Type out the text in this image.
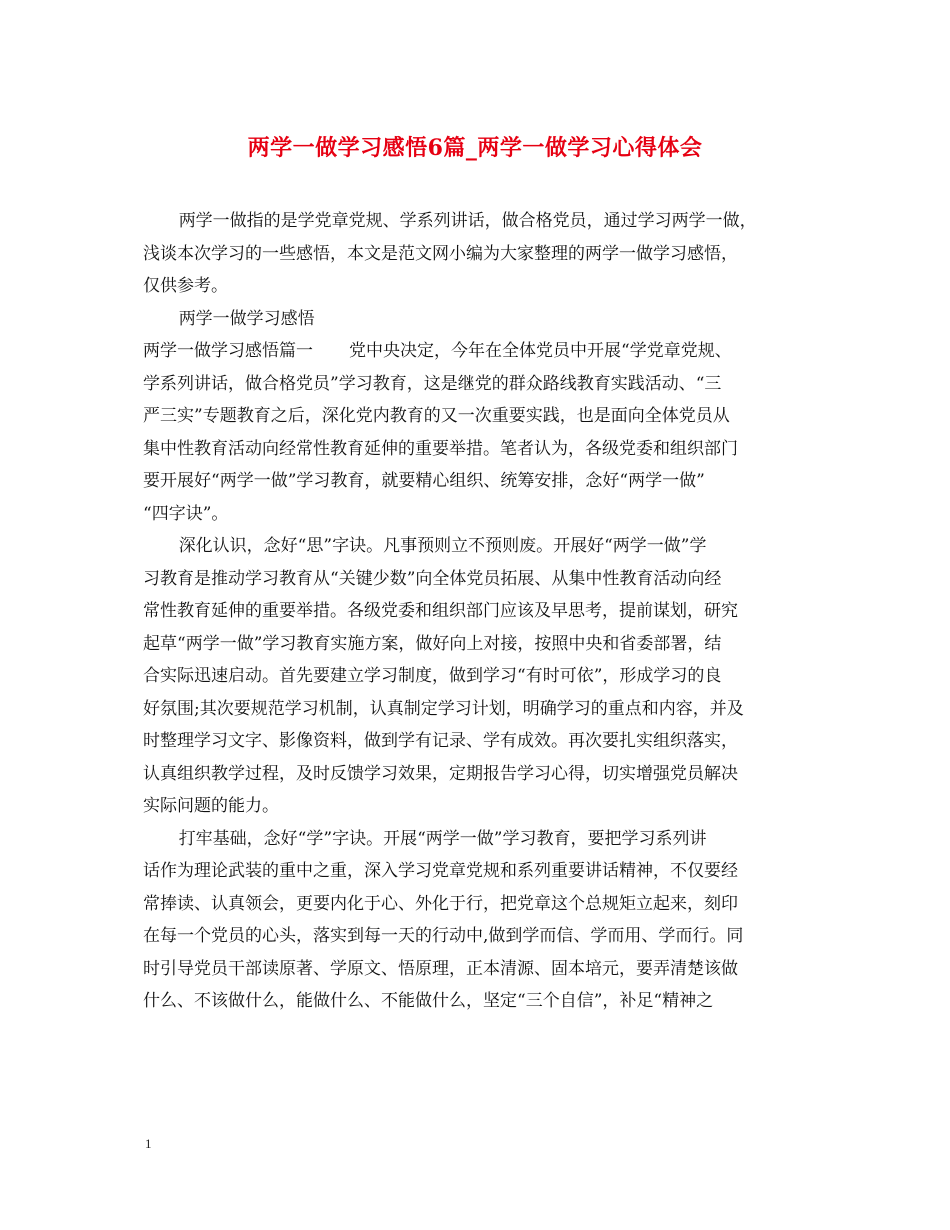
两学一做学习感悟6篇_两学一做学习心得体会

两学一做指的是学党章党规、学系列讲话，做合格党员，通过学习两学一做，
浅谈本次学习的一些感悟，本文是范文网小编为大家整理的两学一做学习感悟，
仅供参考。

两学一做学习感悟

两学一做学习感悟篇一 党中央决定，今年在全体党员中开展“学党章党规、
学系列讲话，做合格党员”学习教育，这是继党的群众路线教育实践活动、“三
严三实”专题教育之后，深化党内教育的又一次重要实践，也是面向全体党员从
集中性教育活动向经常性教育延伸的重要举措。笔者认为，各级党委和组织部门
要开展好“两学一做”学习教育，就要精心组织、统筹安排，念好“两学一做”
“四字诀”。

深化认识，念好“思”字诀。凡事预则立不预则废。开展好“两学一做”学
习教育是推动学习教育从“关键少数”向全体党员拓展、从集中性教育活动向经
常性教育延伸的重要举措。各级党委和组织部门应该及早思考，提前谋划，研究
起草“两学一做”学习教育实施方案，做好向上对接，按照中央和省委部署，结
合实际迅速启动。首先要建立学习制度，做到学习“有时可依”，形成学习的良
好氛围;其次要规范学习机制，认真制定学习计划，明确学习的重点和内容，并及
时整理学习文字、影像资料，做到学有记录、学有成效。再次要扎实组织落实，
认真组织教学过程，及时反馈学习效果，定期报告学习心得，切实增强党员解决
实际问题的能力。

打牢基础，念好“学”字诀。开展“两学一做”学习教育，要把学习系列讲
话作为理论武装的重中之重，深入学习党章党规和系列重要讲话精神，不仅要经
常捧读、认真领会，更要内化于心、外化于行，把党章这个总规矩立起来，刻印
在每一个党员的心头，落实到每一天的行动中,做到学而信、学而用、学而行。同
时引导党员干部读原著、学原文、悟原理，正本清源、固本培元，要弄清楚该做
什么、不该做什么，能做什么、不能做什么，坚定“三个自信”，补足“精神之

1
